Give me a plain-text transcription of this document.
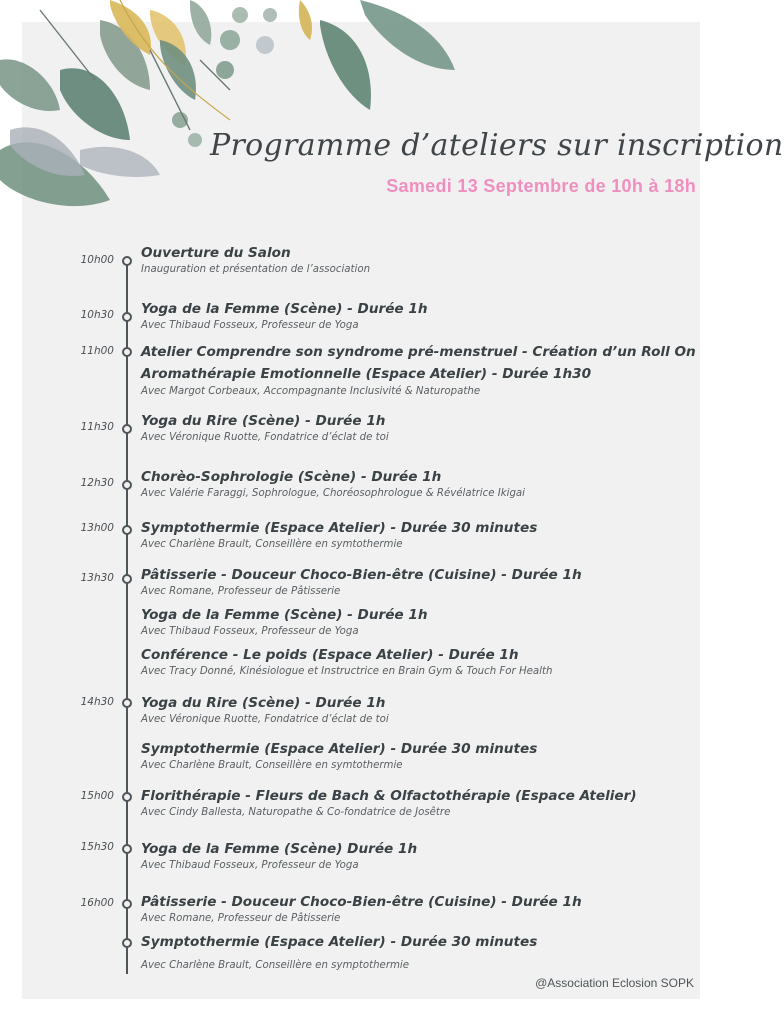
Programme d’ateliers sur inscription
Samedi 13 Septembre de 10h à 18h
10h00
10h30
11h00
11h30
12h30
13h00
13h30
14h30
15h00
15h30
16h00
Ouverture du Salon
Inauguration et présentation de l’association
Yoga de la Femme (Scène) - Durée 1h
Avec Thibaud Fosseux, Professeur de Yoga
Atelier Comprendre son syndrome pré-menstruel - Création d’un Roll On
Aromathérapie Emotionnelle (Espace Atelier) - Durée 1h30
Avec Margot Corbeaux, Accompagnante Inclusivité & Naturopathe
Yoga du Rire (Scène) - Durée 1h
Avec Véronique Ruotte, Fondatrice d’éclat de toi
Chorèo-Sophrologie (Scène) - Durée 1h
Avec Valérie Faraggi, Sophrologue, Choréosophrologue & Révélatrice Ikigai
Symptothermie (Espace Atelier) - Durée 30 minutes
Avec Charlène Brault, Conseillère en symtothermie
Pâtisserie - Douceur Choco-Bien-être (Cuisine) - Durée 1h
Avec Romane, Professeur de Pâtisserie
Yoga de la Femme (Scène) - Durée 1h
Avec Thibaud Fosseux, Professeur de Yoga
Conférence - Le poids (Espace Atelier) - Durée 1h
Avec Tracy Donné, Kinésiologue et Instructrice en Brain Gym & Touch For Health
Yoga du Rire (Scène) - Durée 1h
Avec Véronique Ruotte, Fondatrice d’éclat de toi
Symptothermie (Espace Atelier) - Durée 30 minutes
Avec Charlène Brault, Conseillère en symtothermie
Florithérapie - Fleurs de Bach & Olfactothérapie (Espace Atelier)
Avec Cindy Ballesta, Naturopathe & Co-fondatrice de Josêtre
Yoga de la Femme (Scène) Durée 1h
Avec Thibaud Fosseux, Professeur de Yoga
Pâtisserie - Douceur Choco-Bien-être (Cuisine) - Durée 1h
Avec Romane, Professeur de Pâtisserie
Symptothermie (Espace Atelier) - Durée 30 minutes
Avec Charlène Brault, Conseillère en symptothermie
@Association Eclosion SOPK
